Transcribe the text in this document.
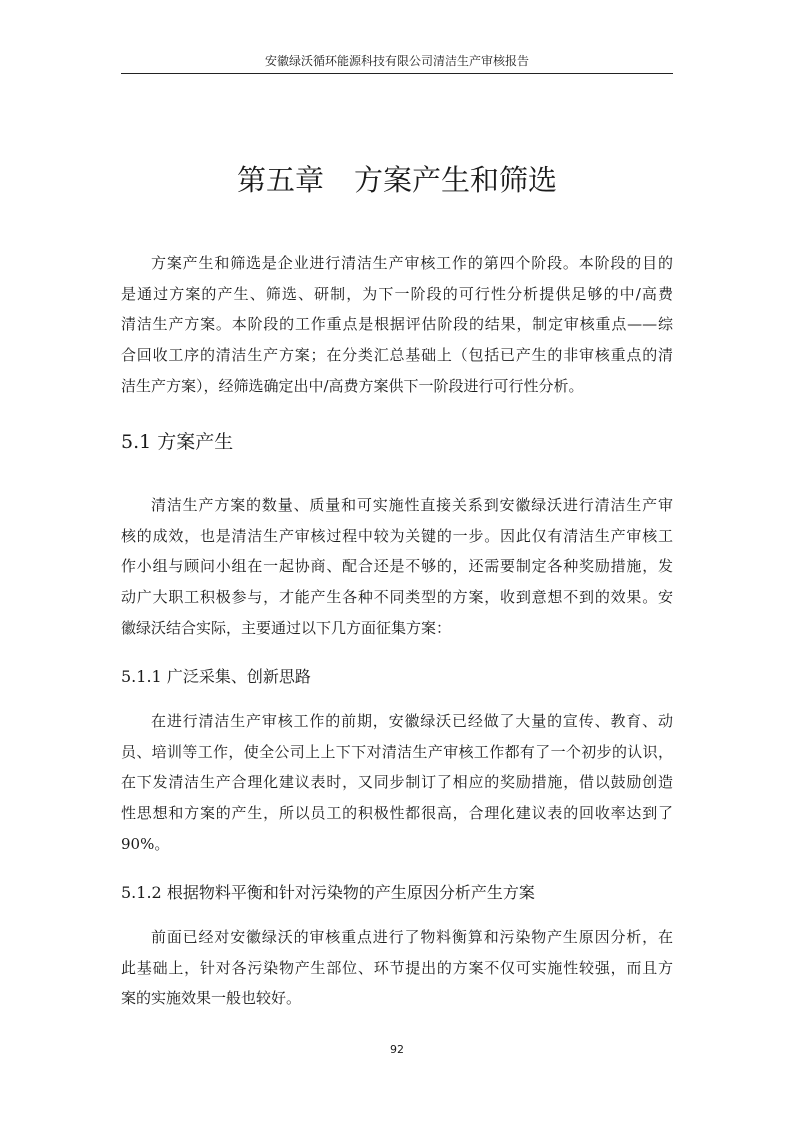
安徽绿沃循环能源科技有限公司清洁生产审核报告
第五章 方案产生和筛选
方案产生和筛选是企业进行清洁生产审核工作的第四个阶段。本阶段的目的
是通过方案的产生、筛选、研制，为下一阶段的可行性分析提供足够的中/高费
清洁生产方案。本阶段的工作重点是根据评估阶段的结果，制定审核重点——综
合回收工序的清洁生产方案；在分类汇总基础上（包括已产生的非审核重点的清
洁生产方案），经筛选确定出中/高费方案供下一阶段进行可行性分析。
5.1 方案产生
清洁生产方案的数量、质量和可实施性直接关系到安徽绿沃进行清洁生产审
核的成效，也是清洁生产审核过程中较为关键的一步。因此仅有清洁生产审核工
作小组与顾问小组在一起协商、配合还是不够的，还需要制定各种奖励措施，发
动广大职工积极参与，才能产生各种不同类型的方案，收到意想不到的效果。安
徽绿沃结合实际，主要通过以下几方面征集方案：
5.1.1 广泛采集、创新思路
在进行清洁生产审核工作的前期，安徽绿沃已经做了大量的宣传、教育、动
员、培训等工作，使全公司上上下下对清洁生产审核工作都有了一个初步的认识，
在下发清洁生产合理化建议表时，又同步制订了相应的奖励措施，借以鼓励创造
性思想和方案的产生，所以员工的积极性都很高，合理化建议表的回收率达到了
90%。
5.1.2 根据物料平衡和针对污染物的产生原因分析产生方案
前面已经对安徽绿沃的审核重点进行了物料衡算和污染物产生原因分析，在
此基础上，针对各污染物产生部位、环节提出的方案不仅可实施性较强，而且方
案的实施效果一般也较好。
92
